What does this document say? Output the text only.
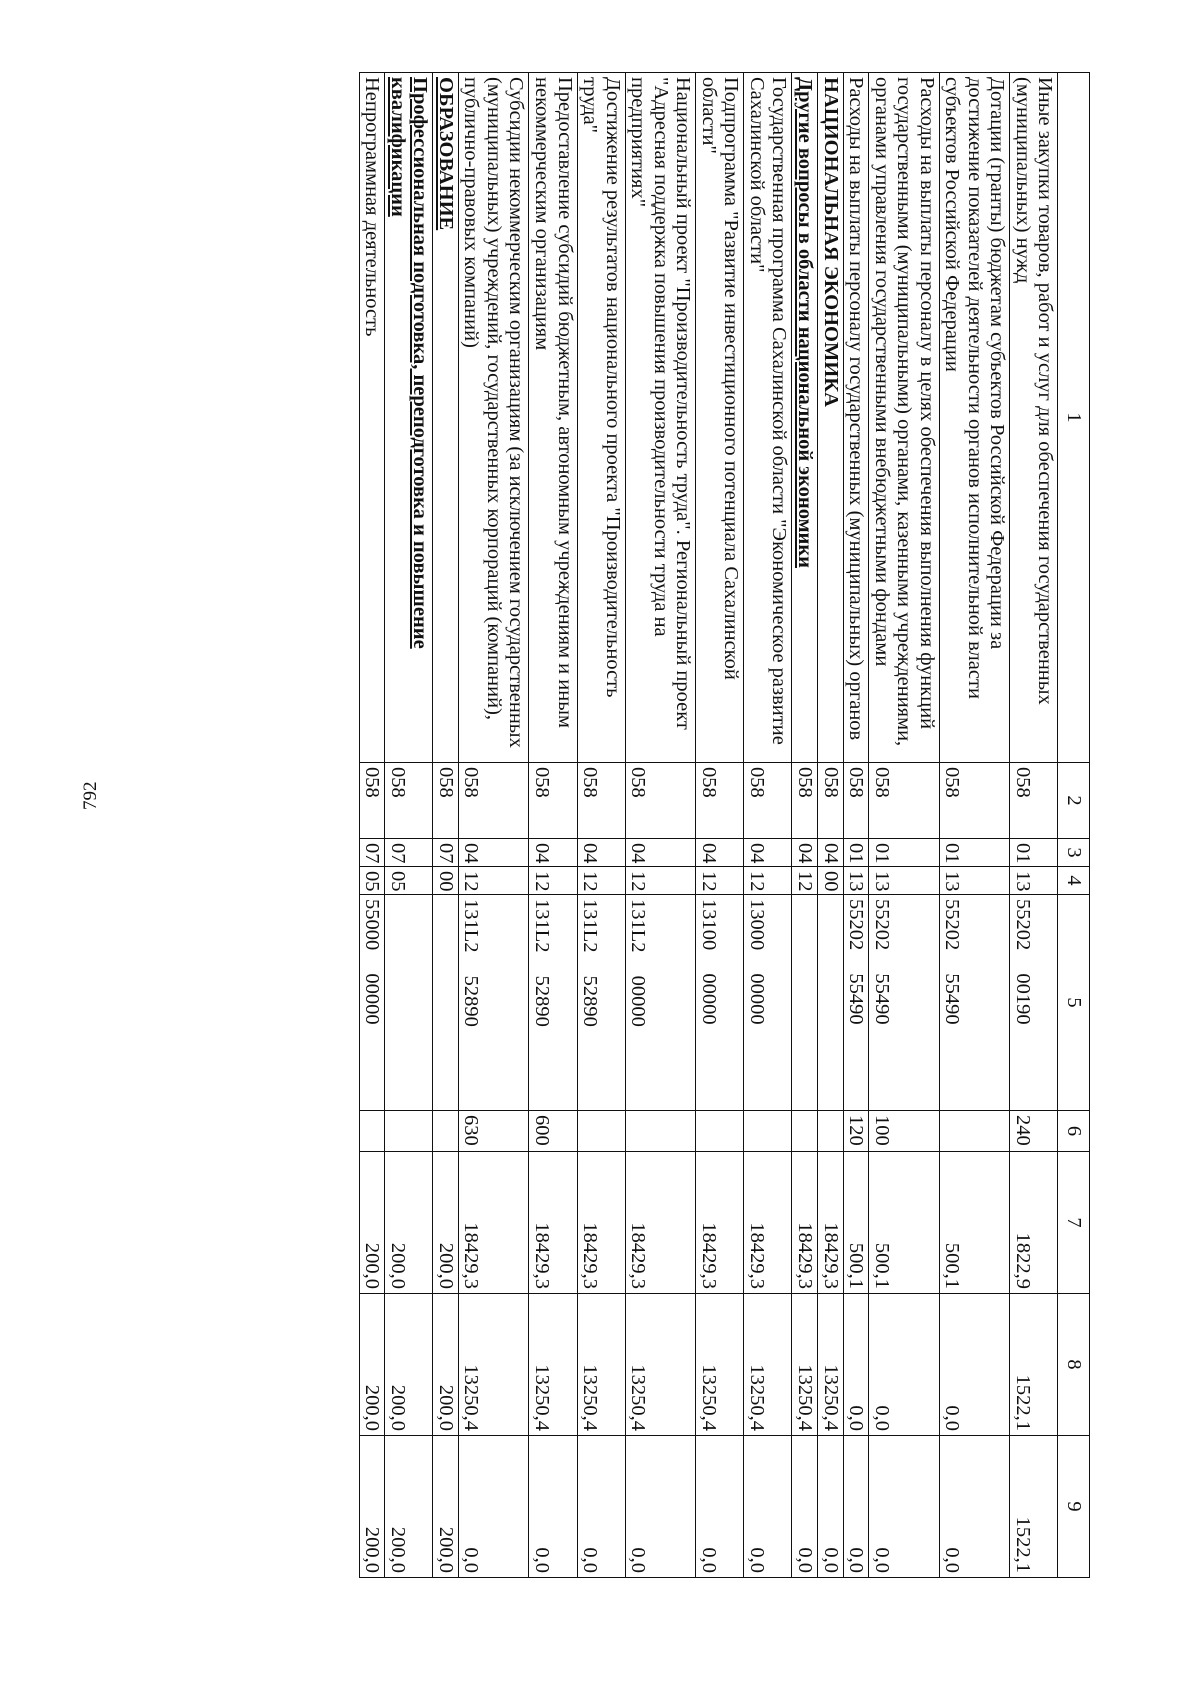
792
1	2	3	4	5	6	7	8	9
Иные закупки товаров, работ и услуг для обеспечения государственных (муниципальных) нужд	058	01	13	55202 00190	240	1822,9	1522,1	1522,1
Дотации (гранты) бюджетам субъектов Российской Федерации за достижение показателей деятельности органов исполнительной власти субъектов Российской Федерации	058	01	13	55202 55490		500,1	0,0	0,0
Расходы на выплаты персоналу в целях обеспечения выполнения функций государственными (муниципальными) органами, казенными учреждениями, органами управления государственными внебюджетными фондами	058	01	13	55202 55490	100	500,1	0,0	0,0
Расходы на выплаты персоналу государственных (муниципальных) органов	058	01	13	55202 55490	120	500,1	0,0	0,0
НАЦИОНАЛЬНАЯ ЭКОНОМИКА	058	04	00			18429,3	13250,4	0,0
Другие вопросы в области национальной экономики	058	04	12			18429,3	13250,4	0,0
Государственная программа Сахалинской области "Экономическое развитие Сахалинской области"	058	04	12	13000 00000		18429,3	13250,4	0,0
Подпрограмма "Развитие инвестиционного потенциала Сахалинской области"	058	04	12	13100 00000		18429,3	13250,4	0,0
Национальный проект "Производительность труда". Региональный проект "Адресная поддержка повышения производительности труда на предприятиях"	058	04	12	131L2 00000		18429,3	13250,4	0,0
Достижение результатов национального проекта "Производительность труда"	058	04	12	131L2 52890		18429,3	13250,4	0,0
Предоставление субсидий бюджетным, автономным учреждениям и иным некоммерческим организациям	058	04	12	131L2 52890	600	18429,3	13250,4	0,0
Субсидии некоммерческим организациям (за исключением государственных (муниципальных) учреждений, государственных корпораций (компаний), публично-правовых компаний)	058	04	12	131L2 52890	630	18429,3	13250,4	0,0
ОБРАЗОВАНИЕ	058	07	00			200,0	200,0	200,0
Профессиональная подготовка, переподготовка и повышение квалификации	058	07	05			200,0	200,0	200,0
Непрограммная деятельность	058	07	05	55000 00000		200,0	200,0	200,0
